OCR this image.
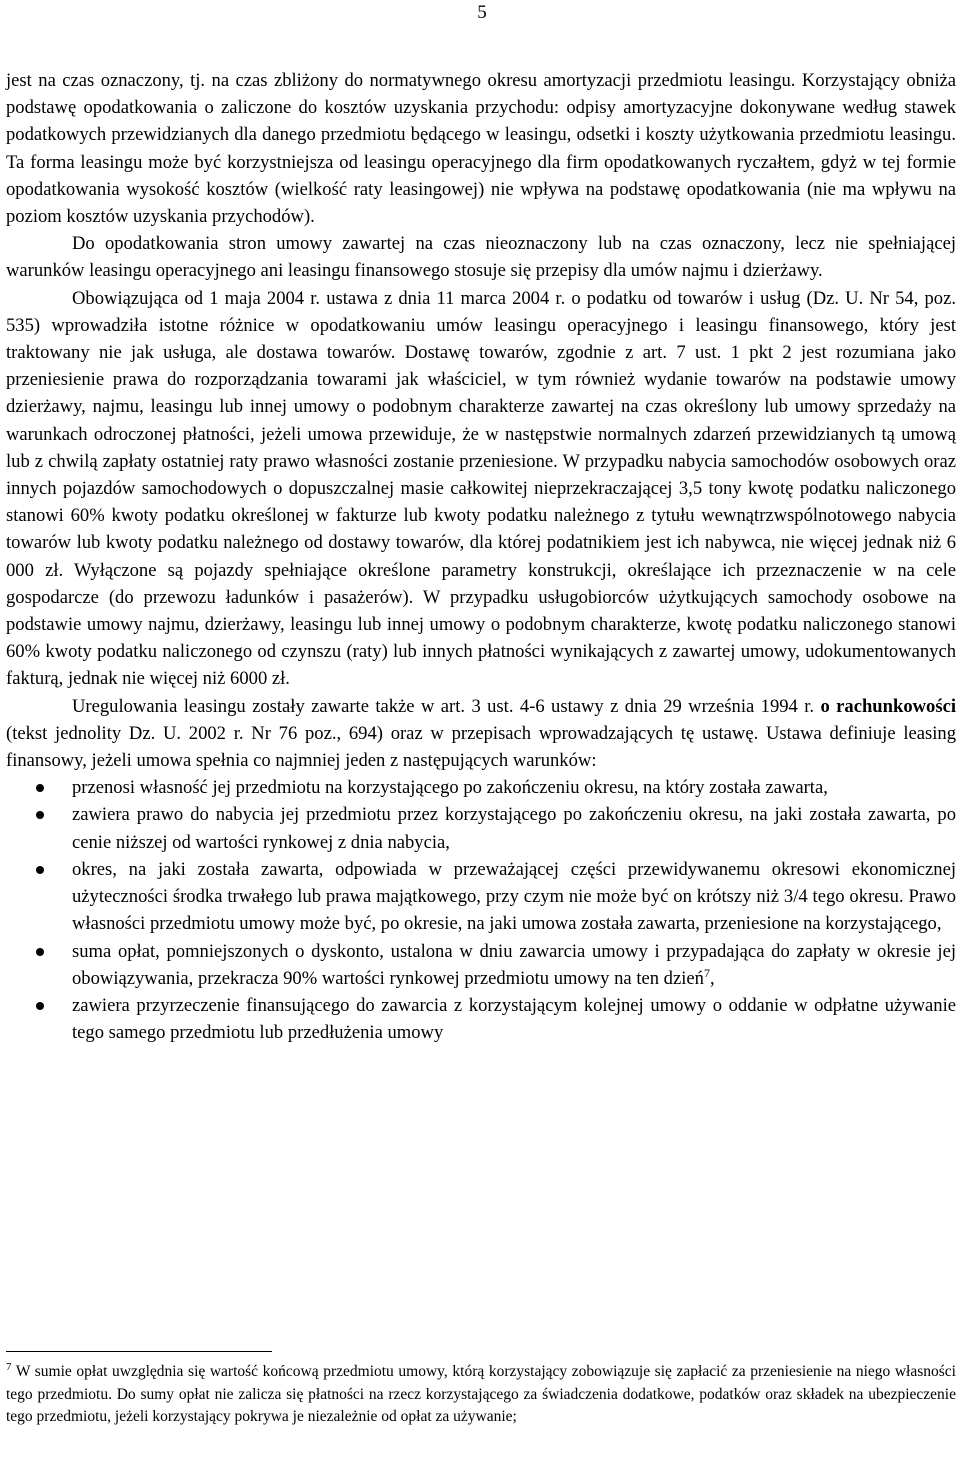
5

jest na czas oznaczony, tj. na czas zbliżony do normatywnego okresu amortyzacji przedmiotu leasingu. Korzystający obniża podstawę opodatkowania o zaliczone do kosztów uzyskania przychodu: odpisy amortyzacyjne dokonywane według stawek podatkowych przewidzianych dla danego przedmiotu będącego w leasingu, odsetki i koszty użytkowania przedmiotu leasingu. Ta forma leasingu może być korzystniejsza od leasingu operacyjnego dla firm opodatkowanych ryczałtem, gdyż w tej formie opodatkowania wysokość kosztów (wielkość raty leasingowej) nie wpływa na podstawę opodatkowania (nie ma wpływu na poziom kosztów uzyskania przychodów).

Do opodatkowania stron umowy zawartej na czas nieoznaczony lub na czas oznaczony, lecz nie spełniającej warunków leasingu operacyjnego ani leasingu finansowego stosuje się przepisy dla umów najmu i dzierżawy.

Obowiązująca od 1 maja 2004 r. ustawa z dnia 11 marca 2004 r. o podatku od towarów i usług (Dz. U. Nr 54, poz. 535) wprowadziła istotne różnice w opodatkowaniu umów leasingu operacyjnego i leasingu finansowego, który jest traktowany nie jak usługa, ale dostawa towarów. Dostawę towarów, zgodnie z art. 7 ust. 1 pkt 2 jest rozumiana jako przeniesienie prawa do rozporządzania towarami jak właściciel, w tym również wydanie towarów na podstawie umowy dzierżawy, najmu, leasingu lub innej umowy o podobnym charakterze zawartej na czas określony lub umowy sprzedaży na warunkach odroczonej płatności, jeżeli umowa przewiduje, że w następstwie normalnych zdarzeń przewidzianych tą umową lub z chwilą zapłaty ostatniej raty prawo własności zostanie przeniesione. W przypadku nabycia samochodów osobowych oraz innych pojazdów samochodowych o dopuszczalnej masie całkowitej nieprzekraczającej 3,5 tony kwotę podatku naliczonego stanowi 60% kwoty podatku określonej w fakturze lub kwoty podatku należnego z tytułu wewnątrzwspólnotowego nabycia towarów lub kwoty podatku należnego od dostawy towarów, dla której podatnikiem jest ich nabywca, nie więcej jednak niż 6 000 zł. Wyłączone są pojazdy spełniające określone parametry konstrukcji, określające ich przeznaczenie w na cele gospodarcze (do przewozu ładunków i pasażerów). W przypadku usługobiorców użytkujących samochody osobowe na podstawie umowy najmu, dzierżawy, leasingu lub innej umowy o podobnym charakterze, kwotę podatku naliczonego stanowi 60% kwoty podatku naliczonego od czynszu (raty) lub innych płatności wynikających z zawartej umowy, udokumentowanych fakturą, jednak nie więcej niż 6000 zł.

Uregulowania leasingu zostały zawarte także w art. 3 ust. 4-6 ustawy z dnia 29 września 1994 r. o rachunkowości (tekst jednolity Dz. U. 2002 r. Nr 76 poz., 694) oraz w przepisach wprowadzających tę ustawę. Ustawa definiuje leasing finansowy, jeżeli umowa spełnia co najmniej jeden z następujących warunków:

przenosi własność jej przedmiotu na korzystającego po zakończeniu okresu, na który została zawarta,
zawiera prawo do nabycia jej przedmiotu przez korzystającego po zakończeniu okresu, na jaki została zawarta, po cenie niższej od wartości rynkowej z dnia nabycia,
okres, na jaki została zawarta, odpowiada w przeważającej części przewidywanemu okresowi ekonomicznej użyteczności środka trwałego lub prawa majątkowego, przy czym nie może być on krótszy niż 3/4 tego okresu. Prawo własności przedmiotu umowy może być, po okresie, na jaki umowa została zawarta, przeniesione na korzystającego,
suma opłat, pomniejszonych o dyskonto, ustalona w dniu zawarcia umowy i przypadająca do zapłaty w okresie jej obowiązywania, przekracza 90% wartości rynkowej przedmiotu umowy na ten dzień$^7$,
zawiera przyrzeczenie finansującego do zawarcia z korzystającym kolejnej umowy o oddanie w odpłatne używanie tego samego przedmiotu lub przedłużenia umowy
$^7$ W sumie opłat uwzględnia się wartość końcową przedmiotu umowy, którą korzystający zobowiązuje się zapłacić za przeniesienie na niego własności tego przedmiotu. Do sumy opłat nie zalicza się płatności na rzecz korzystającego za świadczenia dodatkowe, podatków oraz składek na ubezpieczenie tego przedmiotu, jeżeli korzystający pokrywa je niezależnie od opłat za używanie;
